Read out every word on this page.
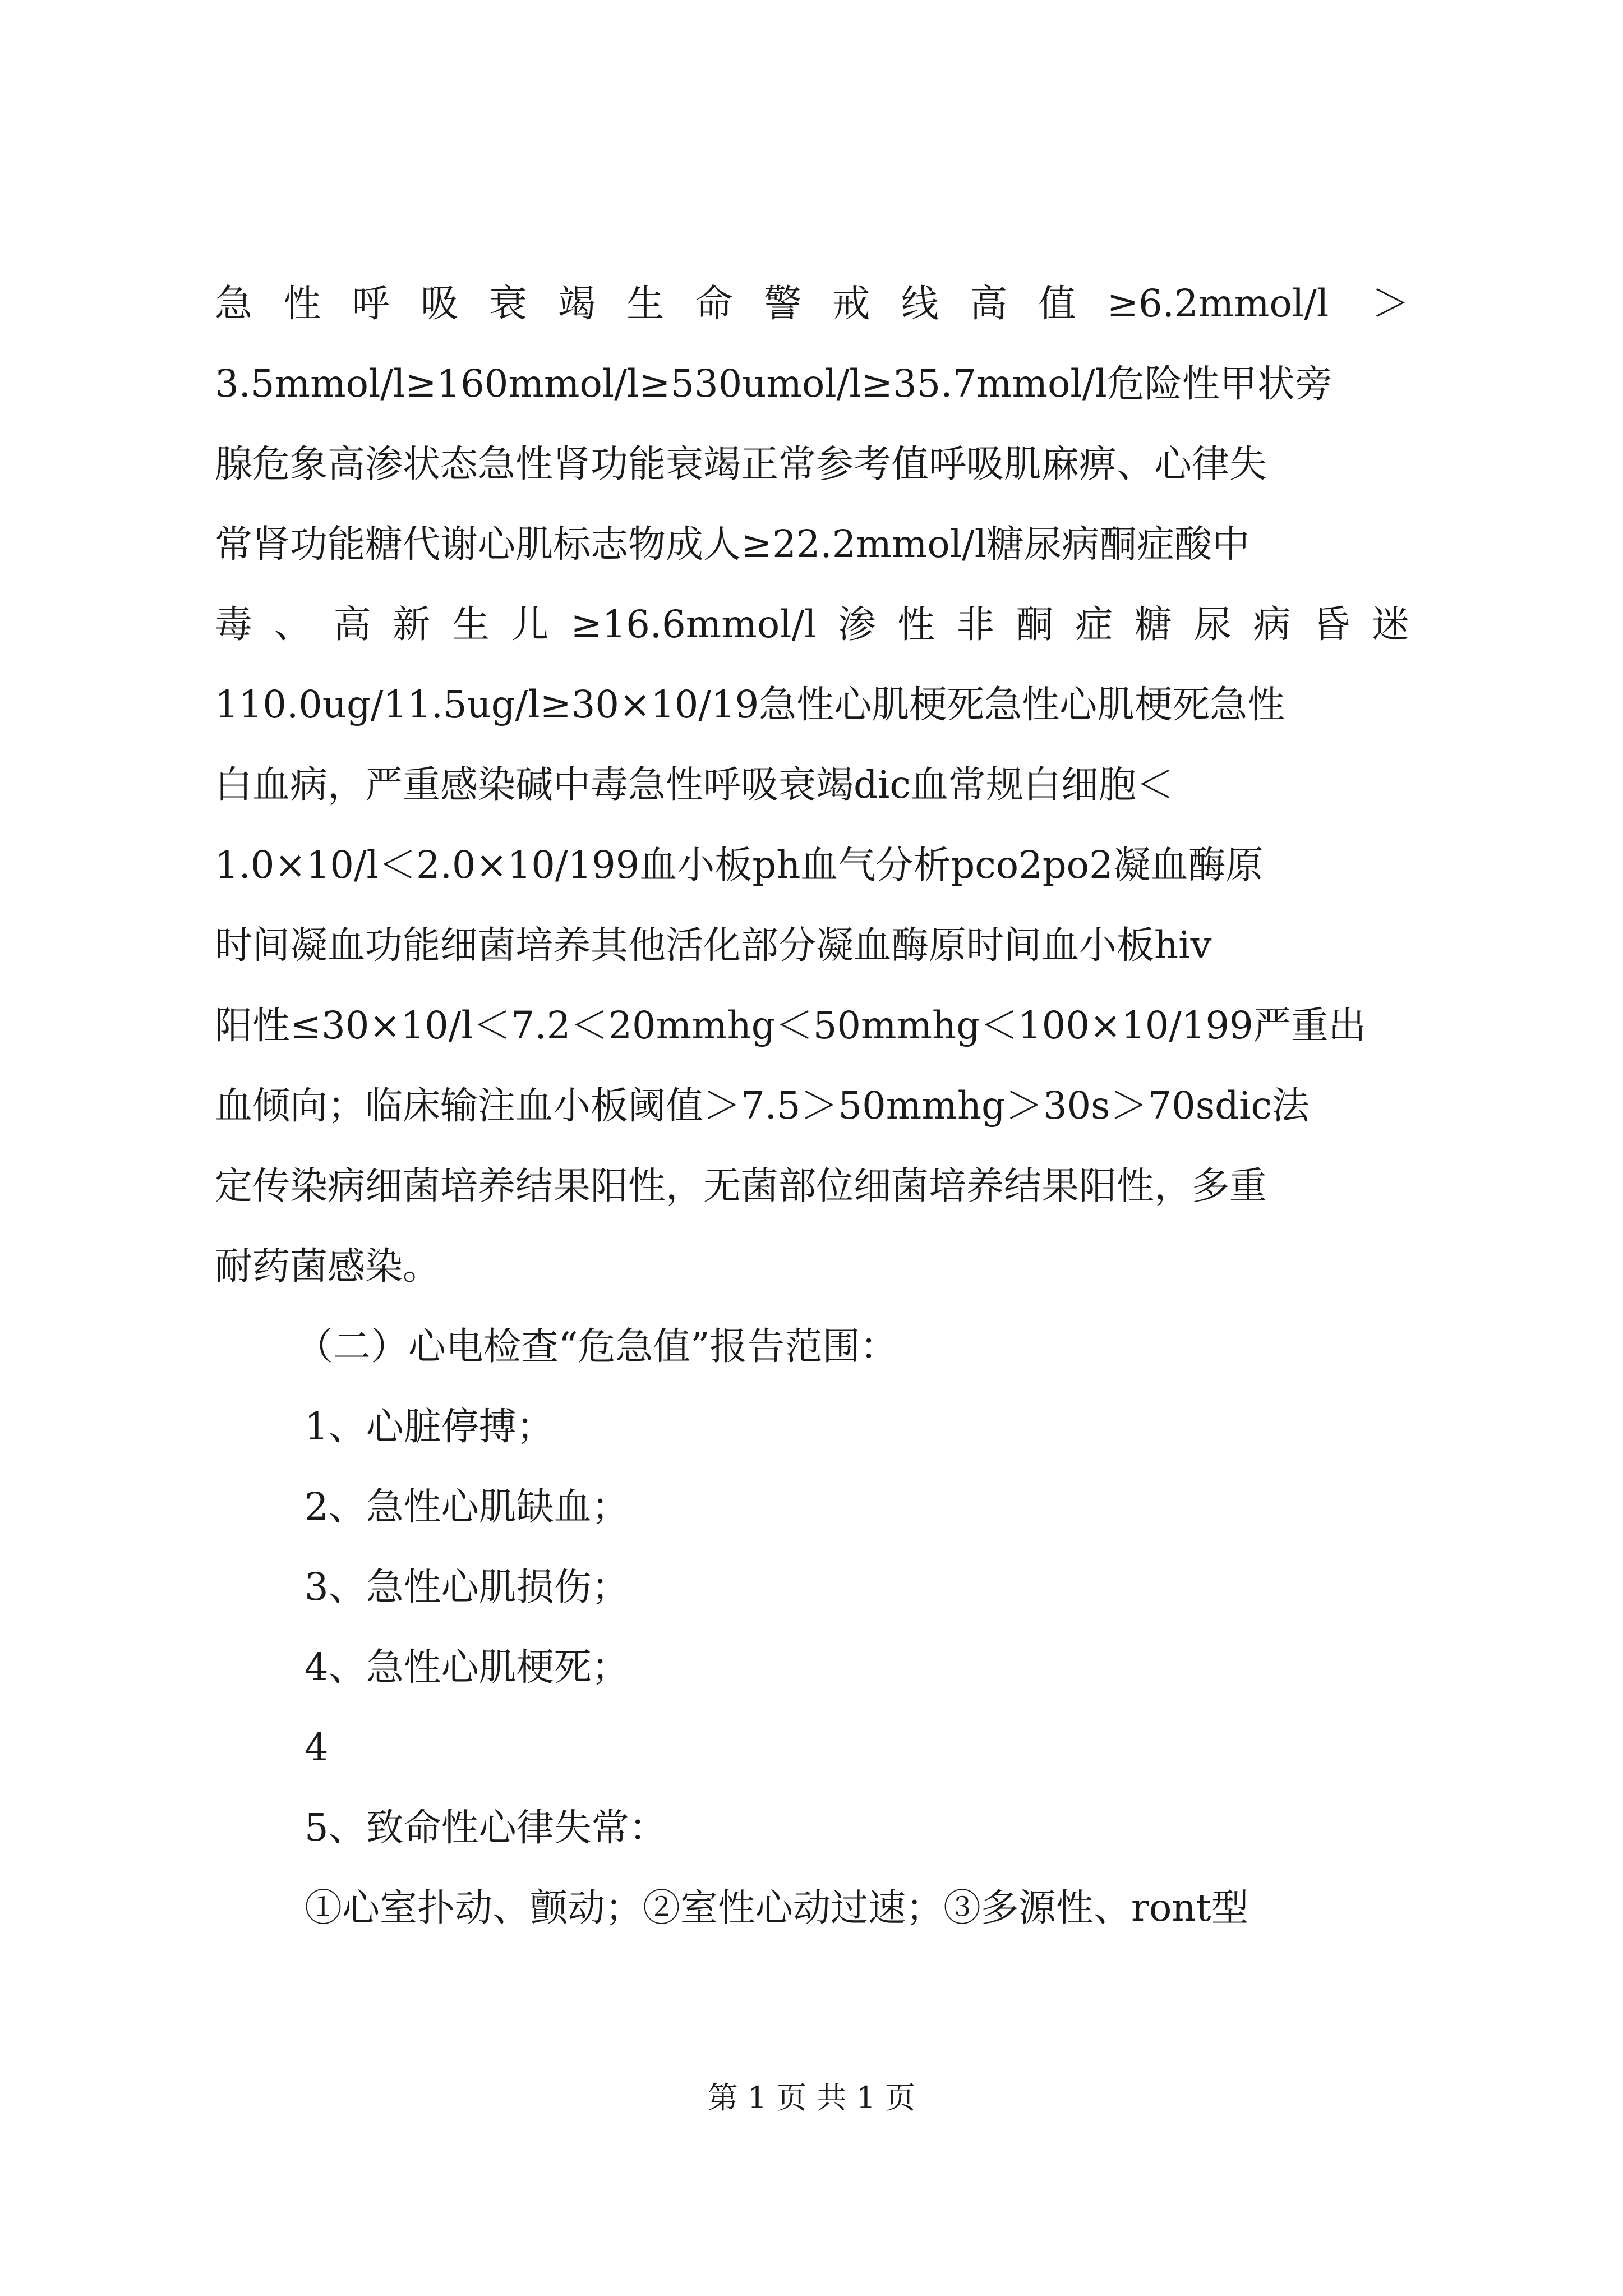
急性呼吸衰竭生命警戒线高值≥6.2mmol/l ＞
3.5mmol/l≥160mmol/l≥530umol/l≥35.7mmol/l危险性甲状旁
腺危象高渗状态急性肾功能衰竭正常参考值呼吸肌麻痹、心律失
常肾功能糖代谢心肌标志物成人≥22.2mmol/l糖尿病酮症酸中
毒、高新生儿≥16.6mmol/l渗性非酮症糖尿病昏迷
110.0ug/11.5ug/l≥30×10/19急性心肌梗死急性心肌梗死急性
白血病，严重感染碱中毒急性呼吸衰竭dic血常规白细胞＜
1.0×10/l＜2.0×10/199血小板ph血气分析pco2po2凝血酶原
时间凝血功能细菌培养其他活化部分凝血酶原时间血小板hiv
阳性≤30×10/l＜7.2＜20mmhg＜50mmhg＜100×10/199严重出
血倾向；临床输注血小板阈值＞7.5＞50mmhg＞30s＞70sdic法
定传染病细菌培养结果阳性，无菌部位细菌培养结果阳性，多重
耐药菌感染。
（二）心电检查“危急值”报告范围：
1、心脏停搏；
2、急性心肌缺血；
3、急性心肌损伤；
4、急性心肌梗死；
4
5、致命性心律失常：
①心室扑动、颤动；②室性心动过速；③多源性、ront型
第 1 页 共 1 页
